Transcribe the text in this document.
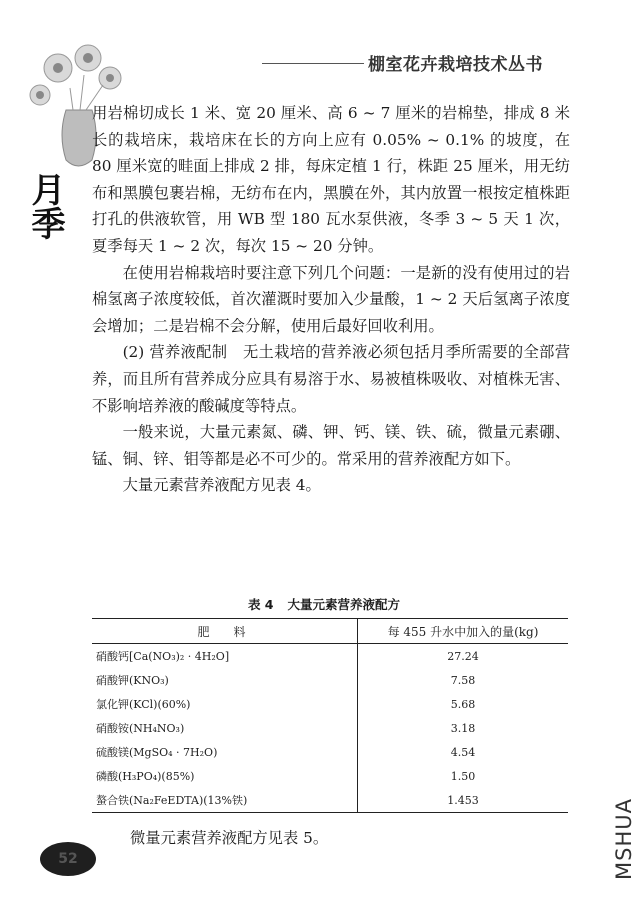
棚室花卉栽培技术丛书
月季

用岩棉切成长 1 米、宽 20 厘米、高 6 ~ 7 厘米的岩棉垫，排成 8 米长的栽培床，栽培床在长的方向上应有 0.05% ~ 0.1% 的坡度，在 80 厘米宽的畦面上排成 2 排，每床定植 1 行，株距 25 厘米，用无纺布和黑膜包裹岩棉，无纺布在内，黑膜在外，其内放置一根按定植株距打孔的供液软管，用 WB 型 180 瓦水泵供液，冬季 3 ~ 5 天 1 次，夏季每天 1 ~ 2 次，每次 15 ~ 20 分钟。

在使用岩棉栽培时要注意下列几个问题：一是新的没有使用过的岩棉氢离子浓度较低，首次灌溉时要加入少量酸，1 ~ 2 天后氢离子浓度会增加；二是岩棉不会分解，使用后最好回收利用。

(2) 营养液配制　无土栽培的营养液必须包括月季所需要的全部营养，而且所有营养成分应具有易溶于水、易被植株吸收、对植株无害、不影响培养液的酸碱度等特点。

一般来说，大量元素氮、磷、钾、钙、镁、铁、硫，微量元素硼、锰、铜、锌、钼等都是必不可少的。常采用的营养液配方如下。

大量元素营养液配方见表 4。

表 4 大量元素营养液配方
肥　料	每 455 升水中加入的量(kg)
硝酸钙[Ca(NO₃)₂ · 4H₂O]	27.24
硝酸钾(KNO₃)	7.58
氯化钾(KCl)(60%)	5.68
硝酸铵(NH₄NO₃)	3.18
硫酸镁(MgSO₄ · 7H₂O)	4.54
磷酸(H₃PO₄)(85%)	1.50
螯合铁(Na₂FeEDTA)(13%铁)	1.453
微量元素营养液配方见表 5。
52	MSHUA
